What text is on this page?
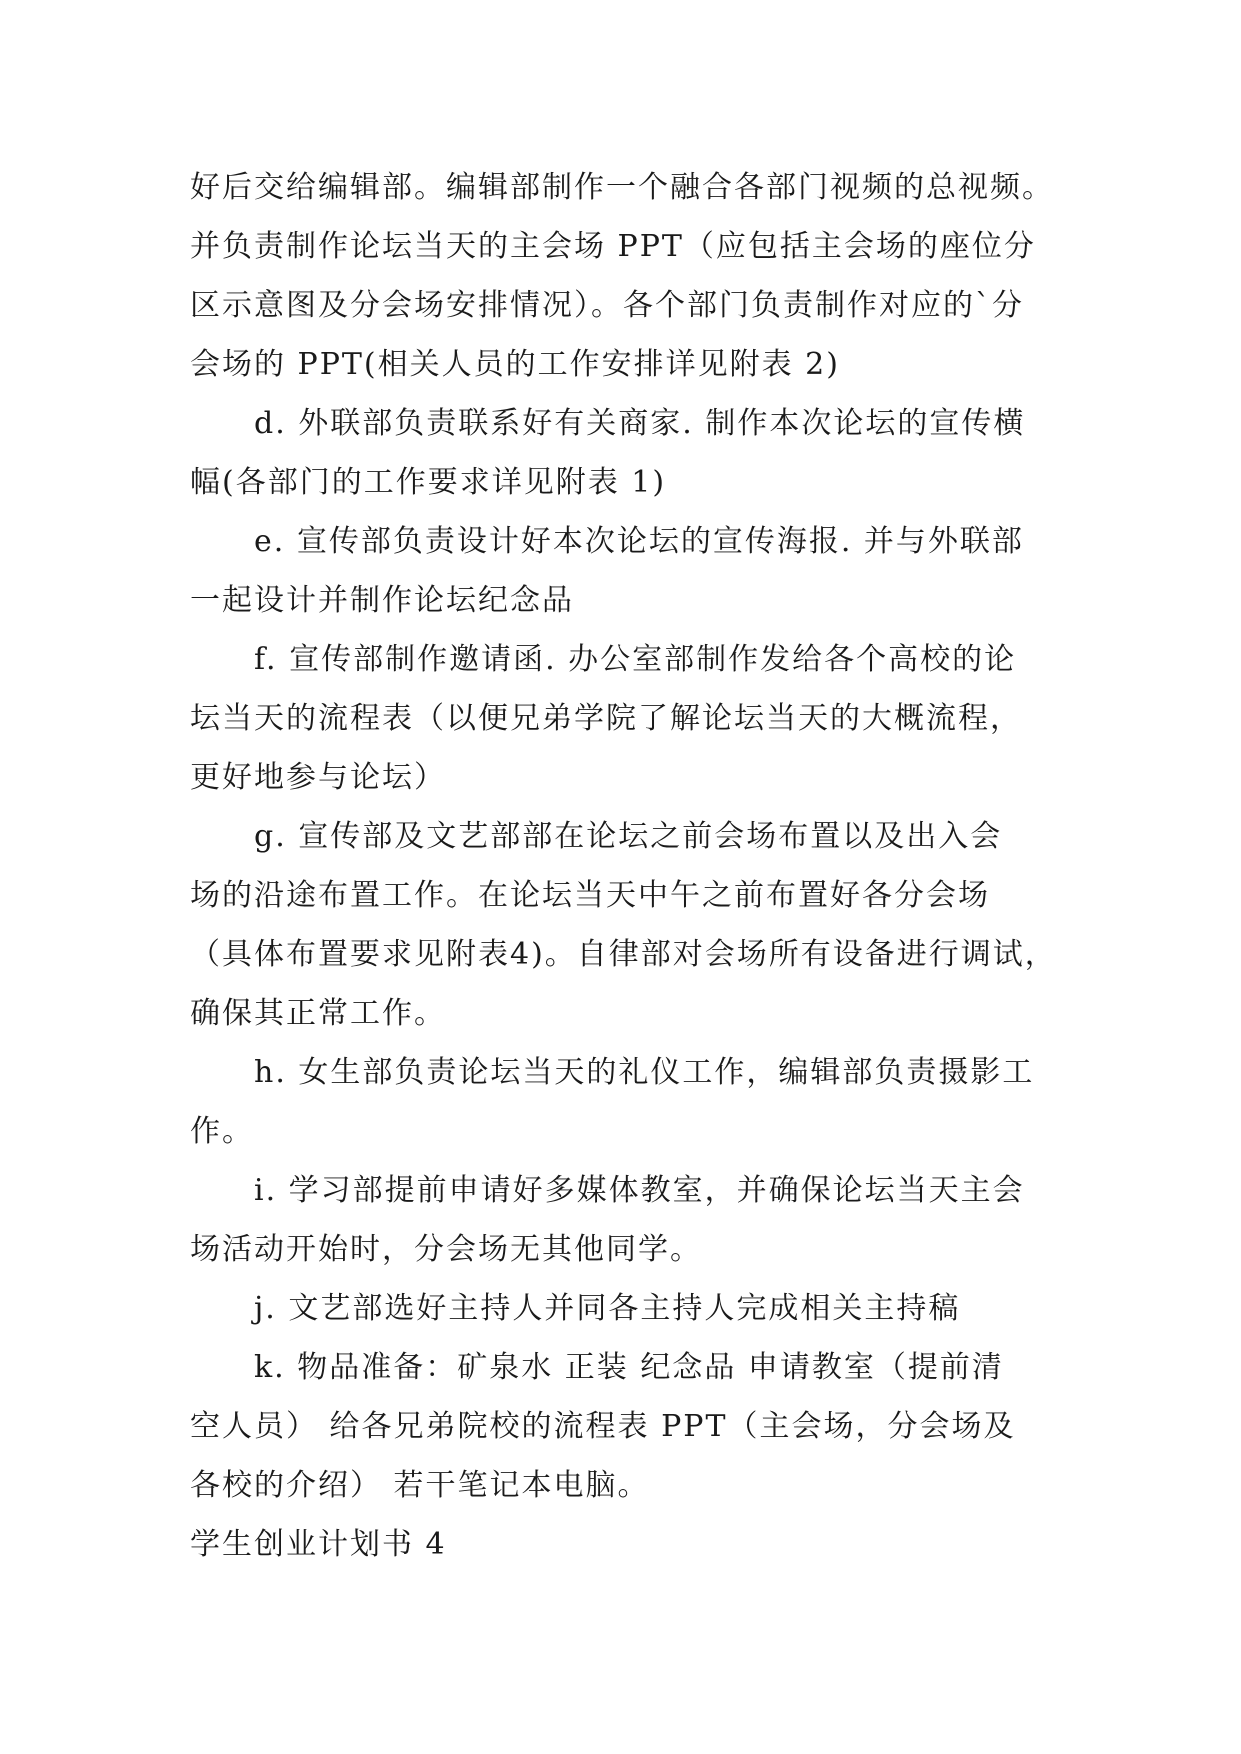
好后交给编辑部。编辑部制作一个融合各部门视频的总视频。
并负责制作论坛当天的主会场 PPT（应包括主会场的座位分
区示意图及分会场安排情况）。各个部门负责制作对应的`分
会场的 PPT(相关人员的工作安排详见附表 2)
d. 外联部负责联系好有关商家. 制作本次论坛的宣传横
幅(各部门的工作要求详见附表 1)
e. 宣传部负责设计好本次论坛的宣传海报. 并与外联部
一起设计并制作论坛纪念品
f. 宣传部制作邀请函. 办公室部制作发给各个高校的论
坛当天的流程表（以便兄弟学院了解论坛当天的大概流程，
更好地参与论坛）
g. 宣传部及文艺部部在论坛之前会场布置以及出入会
场的沿途布置工作。在论坛当天中午之前布置好各分会场
（具体布置要求见附表4)。自律部对会场所有设备进行调试，
确保其正常工作。
h. 女生部负责论坛当天的礼仪工作，编辑部负责摄影工
作。
i. 学习部提前申请好多媒体教室，并确保论坛当天主会
场活动开始时，分会场无其他同学。
j. 文艺部选好主持人并同各主持人完成相关主持稿
k. 物品准备：矿泉水 正装 纪念品 申请教室（提前清
空人员） 给各兄弟院校的流程表 PPT（主会场，分会场及
各校的介绍） 若干笔记本电脑。
学生创业计划书 4
